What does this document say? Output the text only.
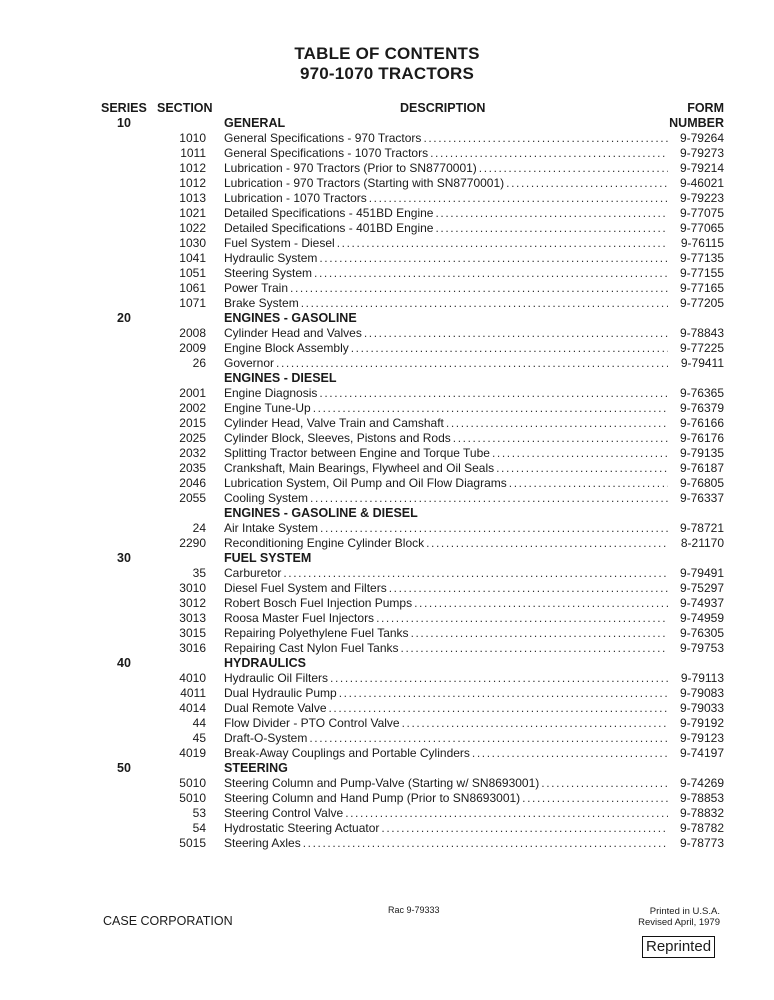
TABLE OF CONTENTS
970-1070 TRACTORS
SERIES SECTION	DESCRIPTION	FORM
NUMBER
10	GENERAL
1010 General Specifications - 970 Tractors .....	9-79264
1011 General Specifications - 1070 Tractors .....	9-79273
1012 Lubrication - 970 Tractors (Prior to SN8770001) .....	9-79214
1012 Lubrication - 970 Tractors (Starting with SN8770001) .....	9-46021
1013 Lubrication - 1070 Tractors .....	9-79223
1021 Detailed Specifications - 451BD Engine .....	9-77075
1022 Detailed Specifications - 401BD Engine .....	9-77065
1030 Fuel System - Diesel .....	9-76115
1041 Hydraulic System .....	9-77135
1051 Steering System .....	9-77155
1061 Power Train .....	9-77165
1071 Brake System .....	9-77205
20	ENGINES - GASOLINE
2008 Cylinder Head and Valves .....	9-78843
2009 Engine Block Assembly .....	9-77225
26 Governor .....	9-79411
ENGINES - DIESEL
2001 Engine Diagnosis .....	9-76365
2002 Engine Tune-Up .....	9-76379
2015 Cylinder Head, Valve Train and Camshaft .....	9-76166
2025 Cylinder Block, Sleeves, Pistons and Rods .....	9-76176
2032 Splitting Tractor between Engine and Torque Tube .....	9-79135
2035 Crankshaft, Main Bearings, Flywheel and Oil Seals .....	9-76187
2046 Lubrication System, Oil Pump and Oil Flow Diagrams .....	9-76805
2055 Cooling System .....	9-76337
ENGINES - GASOLINE & DIESEL
24 Air Intake System .....	9-78721
2290 Reconditioning Engine Cylinder Block .....	8-21170
30	FUEL SYSTEM
35 Carburetor .....	9-79491
3010 Diesel Fuel System and Filters .....	9-75297
3012 Robert Bosch Fuel Injection Pumps .....	9-74937
3013 Roosa Master Fuel Injectors .....	9-74959
3015 Repairing Polyethylene Fuel Tanks .....	9-76305
3016 Repairing Cast Nylon Fuel Tanks .....	9-79753
40	HYDRAULICS
4010 Hydraulic Oil Filters .....	9-79113
4011 Dual Hydraulic Pump .....	9-79083
4014 Dual Remote Valve .....	9-79033
44 Flow Divider - PTO Control Valve .....	9-79192
45 Draft-O-System .....	9-79123
4019 Break-Away Couplings and Portable Cylinders .....	9-74197
50	STEERING
5010 Steering Column and Pump-Valve (Starting w/ SN8693001) .....	9-74269
5010 Steering Column and Hand Pump (Prior to SN8693001) .....	9-78853
53 Steering Control Valve .....	9-78832
54 Hydrostatic Steering Actuator .....	9-78782
5015 Steering Axles .....	9-78773
CASE CORPORATION
Rac 9-79333	Printed in U.S.A.
Revised April, 1979
Reprinted
